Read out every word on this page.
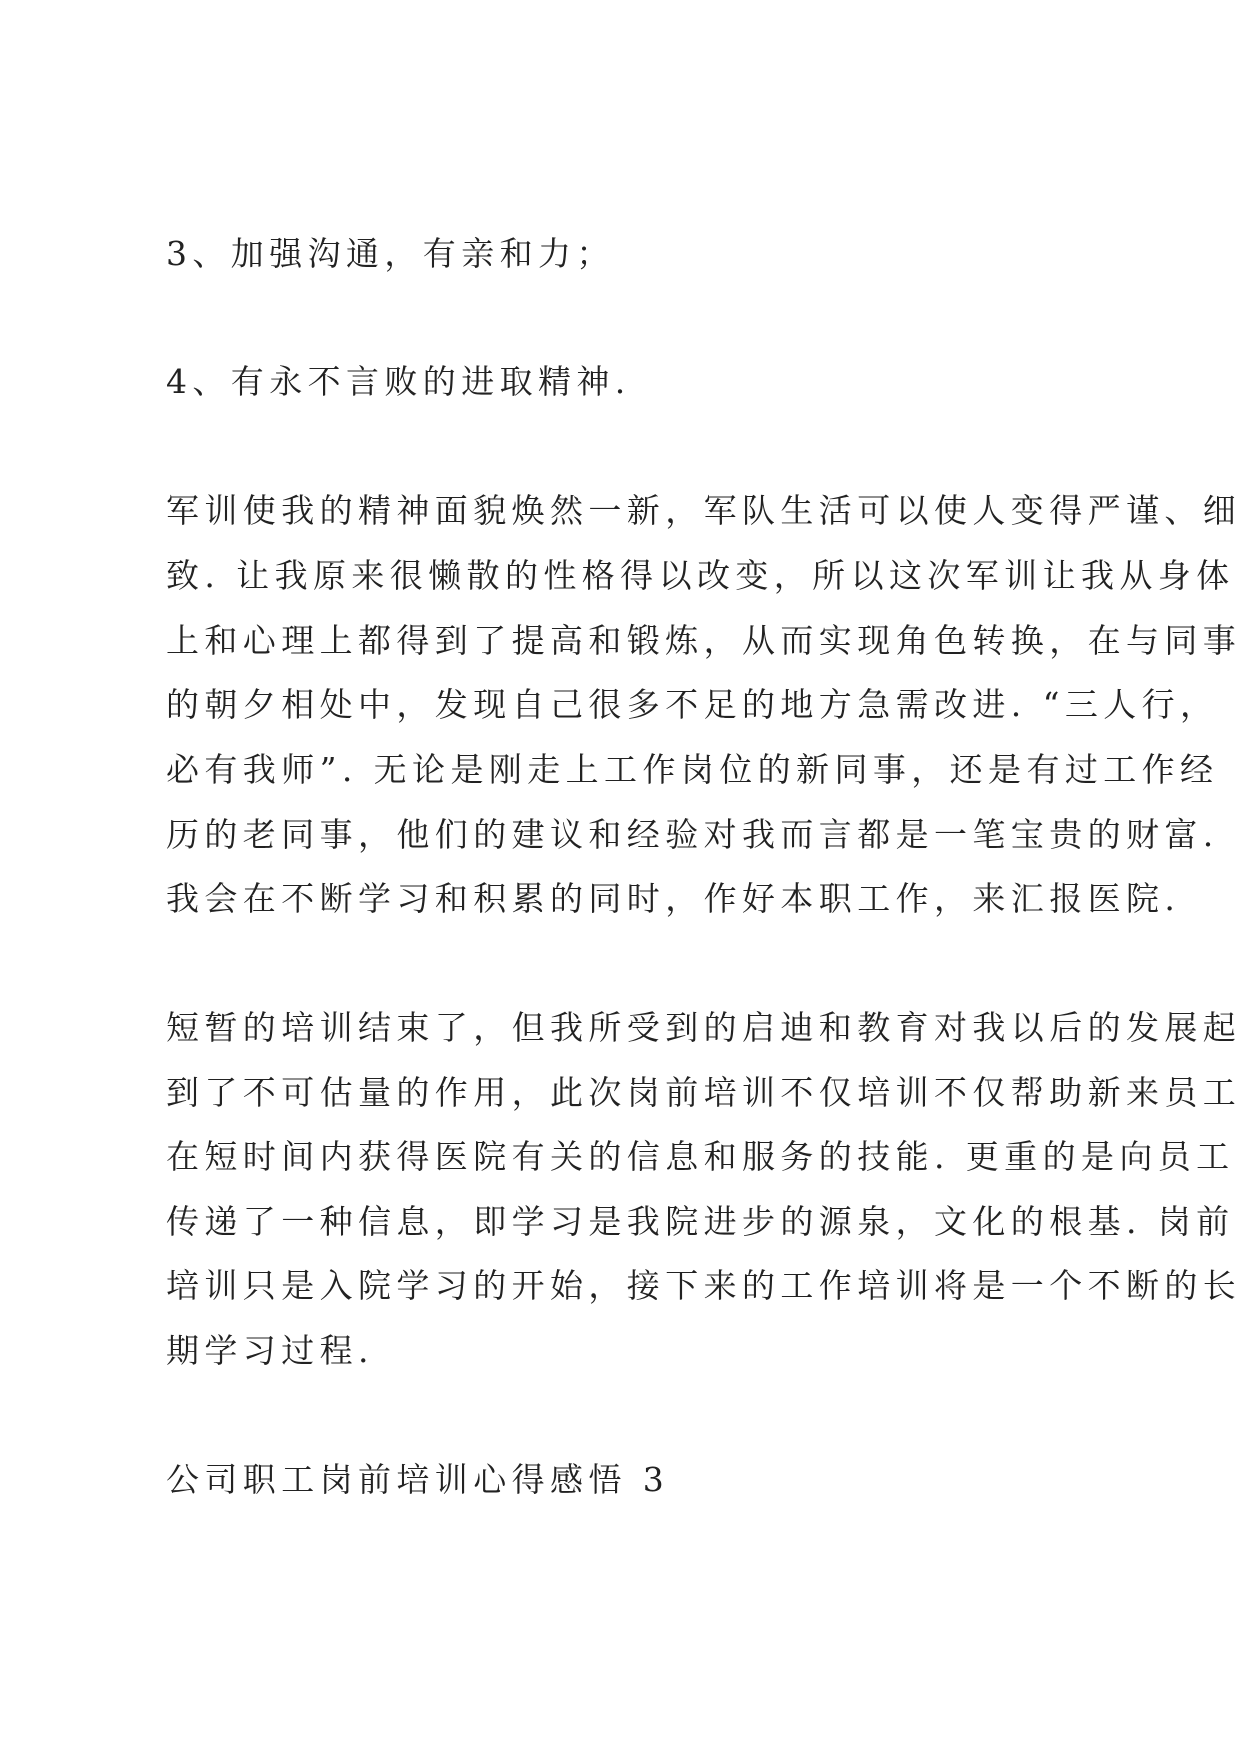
3、加强沟通，有亲和力；
4、有永不言败的进取精神.
军训使我的精神面貌焕然一新，军队生活可以使人变得严谨、细
致. 让我原来很懒散的性格得以改变，所以这次军训让我从身体
上和心理上都得到了提高和锻炼，从而实现角色转换，在与同事
的朝夕相处中，发现自己很多不足的地方急需改进. “三人行，
必有我师”. 无论是刚走上工作岗位的新同事，还是有过工作经
历的老同事，他们的建议和经验对我而言都是一笔宝贵的财富.
我会在不断学习和积累的同时，作好本职工作，来汇报医院.
短暂的培训结束了，但我所受到的启迪和教育对我以后的发展起
到了不可估量的作用，此次岗前培训不仅培训不仅帮助新来员工
在短时间内获得医院有关的信息和服务的技能. 更重的是向员工
传递了一种信息，即学习是我院进步的源泉，文化的根基. 岗前
培训只是入院学习的开始，接下来的工作培训将是一个不断的长
期学习过程.
公司职工岗前培训心得感悟 3
